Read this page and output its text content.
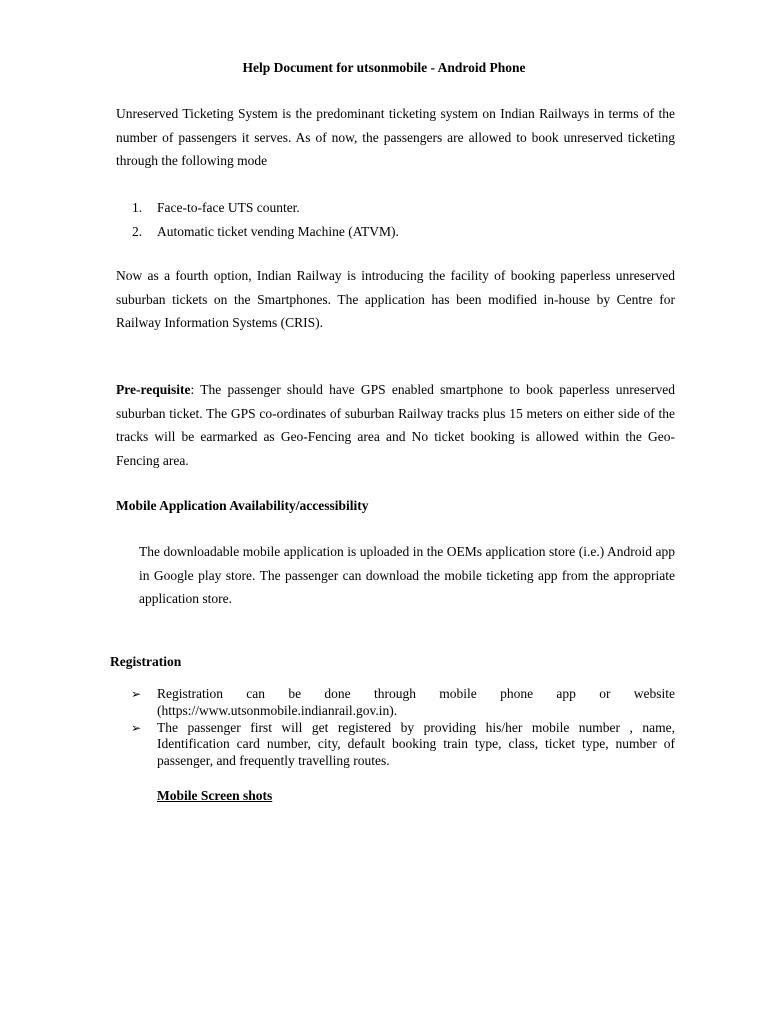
Help Document for utsonmobile - Android Phone

Unreserved Ticketing System is the predominant ticketing system on Indian Railways in terms of the number of passengers it serves. As of now, the passengers are allowed to book unreserved ticketing through the following mode

1. Face-to-face UTS counter.
2. Automatic ticket vending Machine (ATVM).

Now as a fourth option, Indian Railway is introducing the facility of booking paperless unreserved suburban tickets on the Smartphones. The application has been modified in-house by Centre for Railway Information Systems (CRIS).

Pre-requisite: The passenger should have GPS enabled smartphone to book paperless unreserved suburban ticket. The GPS co-ordinates of suburban Railway tracks plus 15 meters on either side of the tracks will be earmarked as Geo-Fencing area and No ticket booking is allowed within the Geo-Fencing area.

Mobile Application Availability/accessibility

The downloadable mobile application is uploaded in the OEMs application store (i.e.) Android app in Google play store. The passenger can download the mobile ticketing app from the appropriate application store.

Registration
➢ Registration can be done through mobile phone app or website (https://www.utsonmobile.indianrail.gov.in).
➢ The passenger first will get registered by providing his/her mobile number , name, Identification card number, city, default booking train type, class, ticket type, number of passenger, and frequently travelling routes.
Mobile Screen shots
